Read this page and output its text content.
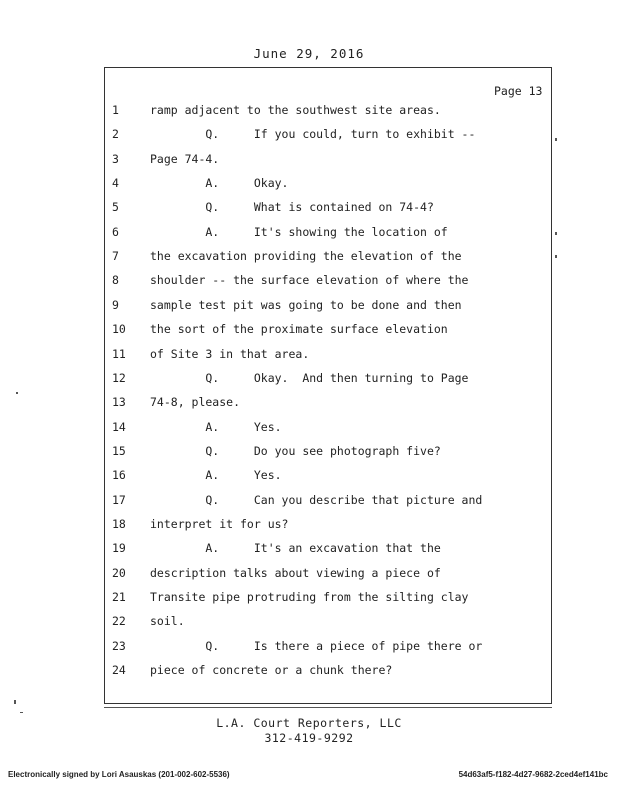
June 29, 2016
Page 13
1	ramp adjacent to the southwest site areas.
2	Q.     If you could, turn to exhibit --
3	Page 74-4.
4	A.     Okay.
5	Q.     What is contained on 74-4?
6	A.     It's showing the location of
7	the excavation providing the elevation of the
8	shoulder -- the surface elevation of where the
9	sample test pit was going to be done and then
10	the sort of the proximate surface elevation
11	of Site 3 in that area.
12	Q.     Okay.  And then turning to Page
13	74-8, please.
14	A.     Yes.
15	Q.     Do you see photograph five?
16	A.     Yes.
17	Q.     Can you describe that picture and
18	interpret it for us?
19	A.     It's an excavation that the
20	description talks about viewing a piece of
21	Transite pipe protruding from the silting clay
22	soil.
23	Q.     Is there a piece of pipe there or
24	piece of concrete or a chunk there?
L.A. Court Reporters, LLC
312-419-9292
Electronically signed by Lori Asauskas (201-002-602-5536)	54d63af5-f182-4d27-9682-2ced4ef141bc
